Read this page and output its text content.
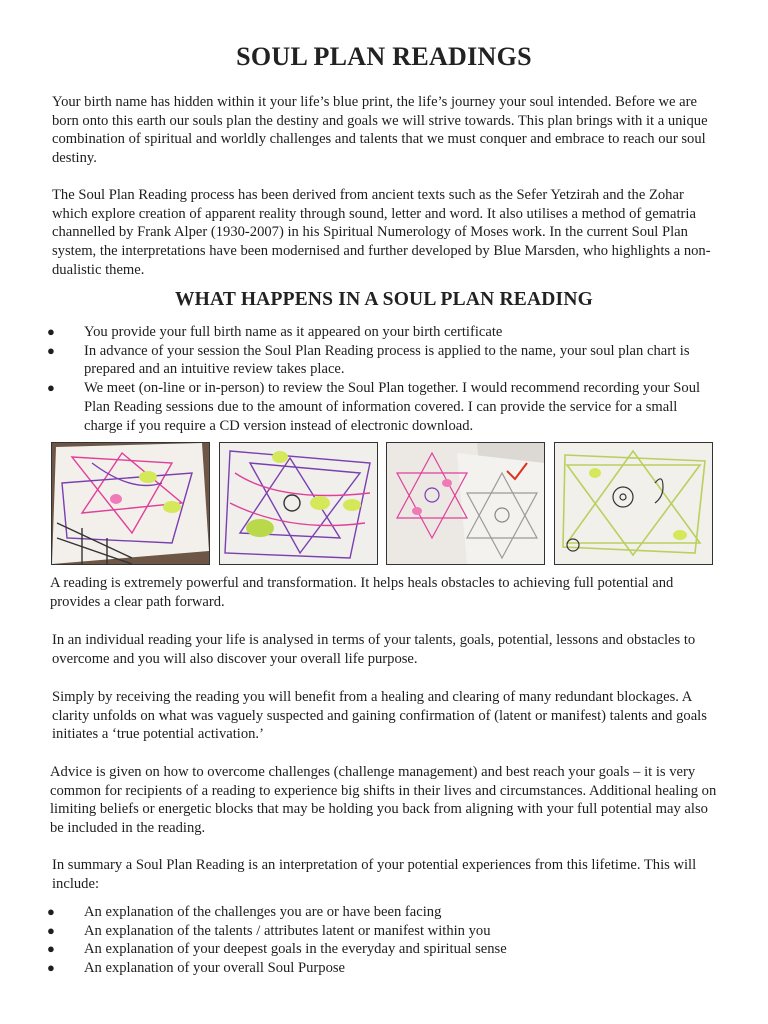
SOUL PLAN READINGS

Your birth name has hidden within it your life’s blue print, the life’s journey your soul intended. Before we are born onto this earth our souls plan the destiny and goals we will strive towards. This plan brings with it a unique combination of spiritual and worldly challenges and talents that we must conquer and embrace to reach our soul destiny.

The Soul Plan Reading process has been derived from ancient texts such as the Sefer Yetzirah and the Zohar which explore creation of apparent reality through sound, letter and word. It also utilises a method of gematria channelled by Frank Alper (1930-2007) in his Spiritual Numerology of Moses work. In the current Soul Plan system, the interpretations have been modernised and further developed by Blue Marsden, who highlights a non-dualistic theme.

WHAT HAPPENS IN A SOUL PLAN READING
● You provide your full birth name as it appeared on your birth certificate
● In advance of your session the Soul Plan Reading process is applied to the name, your soul plan chart is prepared and an intuitive review takes place.
● We meet (on-line or in-person) to review the Soul Plan together. I would recommend recording your Soul Plan Reading sessions due to the amount of information covered. I can provide the service for a small charge if you require a CD version instead of electronic download.

A reading is extremely powerful and transformation. It helps heals obstacles to achieving full potential and provides a clear path forward.

In an individual reading your life is analysed in terms of your talents, goals, potential, lessons and obstacles to overcome and you will also discover your overall life purpose.

Simply by receiving the reading you will benefit from a healing and clearing of many redundant blockages. A clarity unfolds on what was vaguely suspected and gaining confirmation of (latent or manifest) talents and goals initiates a ‘true potential activation.’

Advice is given on how to overcome challenges (challenge management) and best reach your goals – it is very common for recipients of a reading to experience big shifts in their lives and circumstances. Additional healing on limiting beliefs or energetic blocks that may be holding you back from aligning with your full potential may also be included in the reading.

In summary a Soul Plan Reading is an interpretation of your potential experiences from this lifetime. This will include:

● An explanation of the challenges you are or have been facing
● An explanation of the talents / attributes latent or manifest within you
● An explanation of your deepest goals in the everyday and spiritual sense
● An explanation of your overall Soul Purpose
